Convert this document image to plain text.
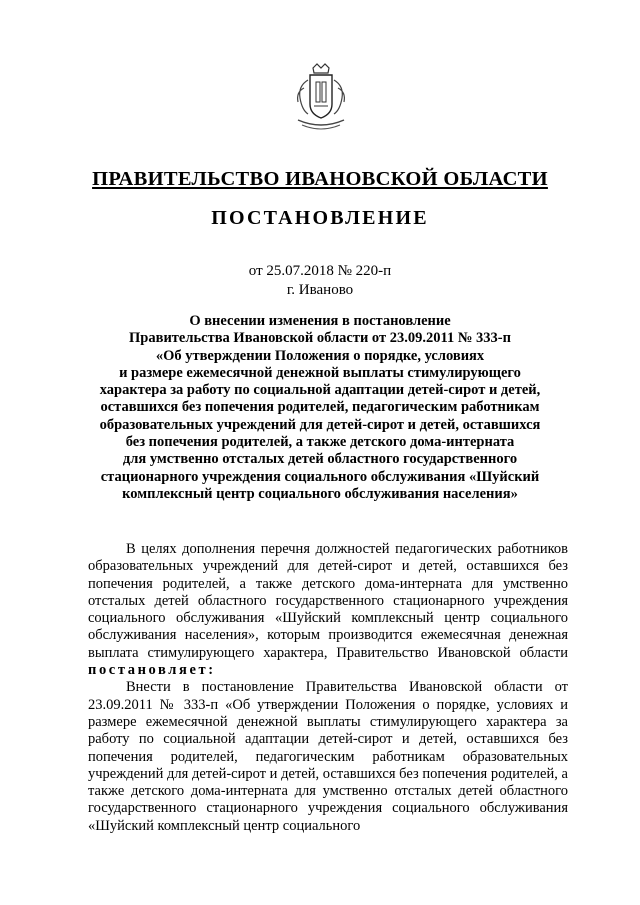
ПРАВИТЕЛЬСТВО ИВАНОВСКОЙ ОБЛАСТИ
ПОСТАНОВЛЕНИЕ
от 25.07.2018 № 220-п
г. Иваново
О внесении изменения в постановление
Правительства Ивановской области от 23.09.2011 № 333-п
«Об утверждении Положения о порядке, условиях
и размере ежемесячной денежной выплаты стимулирующего
характера за работу по социальной адаптации детей-сирот и детей,
оставшихся без попечения родителей, педагогическим работникам
образовательных учреждений для детей-сирот и детей, оставшихся
без попечения родителей, а также детского дома-интерната
для умственно отсталых детей областного государственного
стационарного учреждения социального обслуживания «Шуйский
комплексный центр социального обслуживания населения»

В целях дополнения перечня должностей педагогических работников образовательных учреждений для детей-сирот и детей, оставшихся без попечения родителей, а также детского дома-интерната для умственно отсталых детей областного государственного стационарного учреждения социального обслуживания «Шуйский комплексный центр социального обслуживания населения», которым производится ежемесячная денежная выплата стимулирующего характера, Правительство Ивановской области постановляет:

Внести в постановление Правительства Ивановской области от 23.09.2011 № 333-п «Об утверждении Положения о порядке, условиях и размере ежемесячной денежной выплаты стимулирующего характера за работу по социальной адаптации детей-сирот и детей, оставшихся без попечения родителей, педагогическим работникам образовательных учреждений для детей-сирот и детей, оставшихся без попечения родителей, а также детского дома-интерната для умственно отсталых детей областного государственного стационарного учреждения социального обслуживания «Шуйский комплексный центр социального
